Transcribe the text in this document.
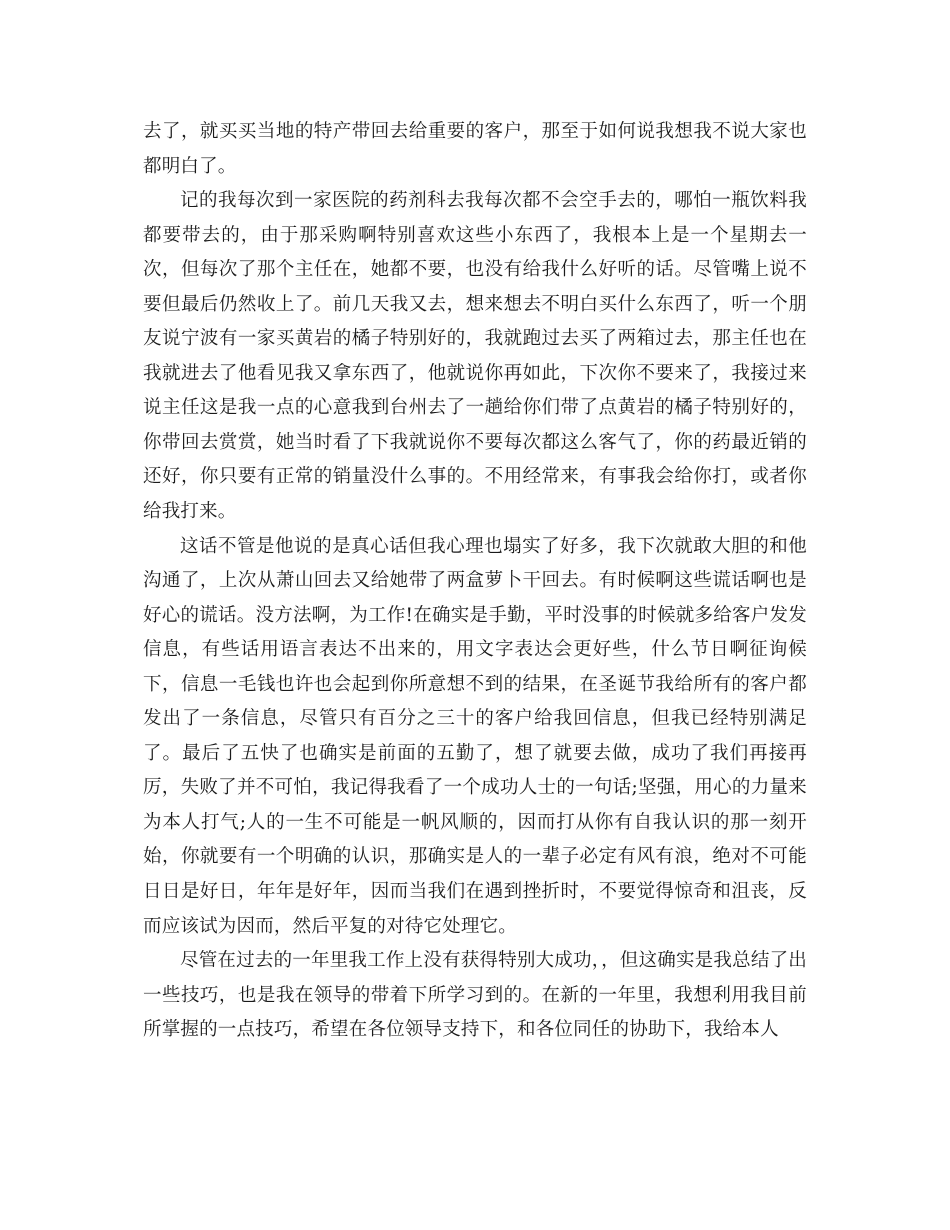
去了，就买买当地的特产带回去给重要的客户，那至于如何说我想我不说大家也都明白了。

记的我每次到一家医院的药剂科去我每次都不会空手去的，哪怕一瓶饮料我都要带去的，由于那采购啊特别喜欢这些小东西了，我根本上是一个星期去一次，但每次了那个主任在，她都不要，也没有给我什么好听的话。尽管嘴上说不要但最后仍然收上了。前几天我又去，想来想去不明白买什么东西了，听一个朋友说宁波有一家买黄岩的橘子特别好的，我就跑过去买了两箱过去，那主任也在我就进去了他看见我又拿东西了，他就说你再如此，下次你不要来了，我接过来说主任这是我一点的心意我到台州去了一趟给你们带了点黄岩的橘子特别好的，你带回去赏赏，她当时看了下我就说你不要每次都这么客气了，你的药最近销的还好，你只要有正常的销量没什么事的。不用经常来，有事我会给你打，或者你给我打来。

这话不管是他说的是真心话但我心理也塌实了好多，我下次就敢大胆的和他沟通了，上次从萧山回去又给她带了两盒萝卜干回去。有时候啊这些谎话啊也是好心的谎话。没方法啊，为工作!在确实是手勤，平时没事的时候就多给客户发发信息，有些话用语言表达不出来的，用文字表达会更好些，什么节日啊征询候下，信息一毛钱也许也会起到你所意想不到的结果，在圣诞节我给所有的客户都发出了一条信息，尽管只有百分之三十的客户给我回信息，但我已经特别满足了。最后了五快了也确实是前面的五勤了，想了就要去做，成功了我们再接再厉，失败了并不可怕，我记得我看了一个成功人士的一句话;坚强，用心的力量来为本人打气;人的一生不可能是一帆风顺的，因而打从你有自我认识的那一刻开始，你就要有一个明确的认识，那确实是人的一辈子必定有风有浪，绝对不可能日日是好日，年年是好年，因而当我们在遇到挫折时，不要觉得惊奇和沮丧，反而应该试为因而，然后平复的对待它处理它。

尽管在过去的一年里我工作上没有获得特别大成功，，但这确实是我总结了出一些技巧，也是我在领导的带着下所学习到的。在新的一年里，我想利用我目前所掌握的一点技巧，希望在各位领导支持下，和各位同任的协助下，我给本人
